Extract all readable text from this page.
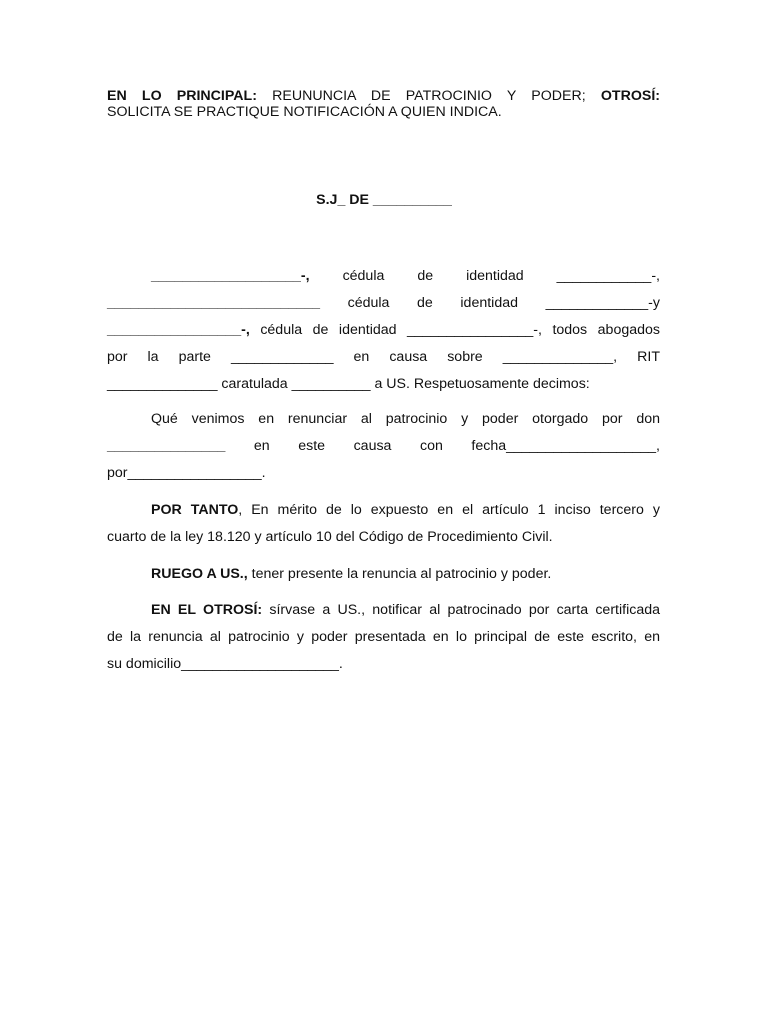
EN LO PRINCIPAL: REUNUNCIA DE PATROCINIO Y PODER; OTROSÍ:
SOLICITA SE PRACTIQUE NOTIFICACIÓN A QUIEN INDICA.
S.J_ DE __________
___________________-, cédula de identidad ____________-,
___________________________ cédula de identidad _____________-y
_________________-, cédula de identidad ________________-, todos abogados
por la parte _____________ en causa sobre ______________, RIT
______________ caratulada __________ a US. Respetuosamente decimos:
Qué venimos en renunciar al patrocinio y poder otorgado por don
_______________ en este causa con fecha___________________,
por_________________.
POR TANTO, En mérito de lo expuesto en el artículo 1 inciso tercero y
cuarto de la ley 18.120 y artículo 10 del Código de Procedimiento Civil.
RUEGO A US., tener presente la renuncia al patrocinio y poder.
EN EL OTROSÍ: sírvase a US., notificar al patrocinado por carta certificada
de la renuncia al patrocinio y poder presentada en lo principal de este escrito, en
su domicilio____________________.
